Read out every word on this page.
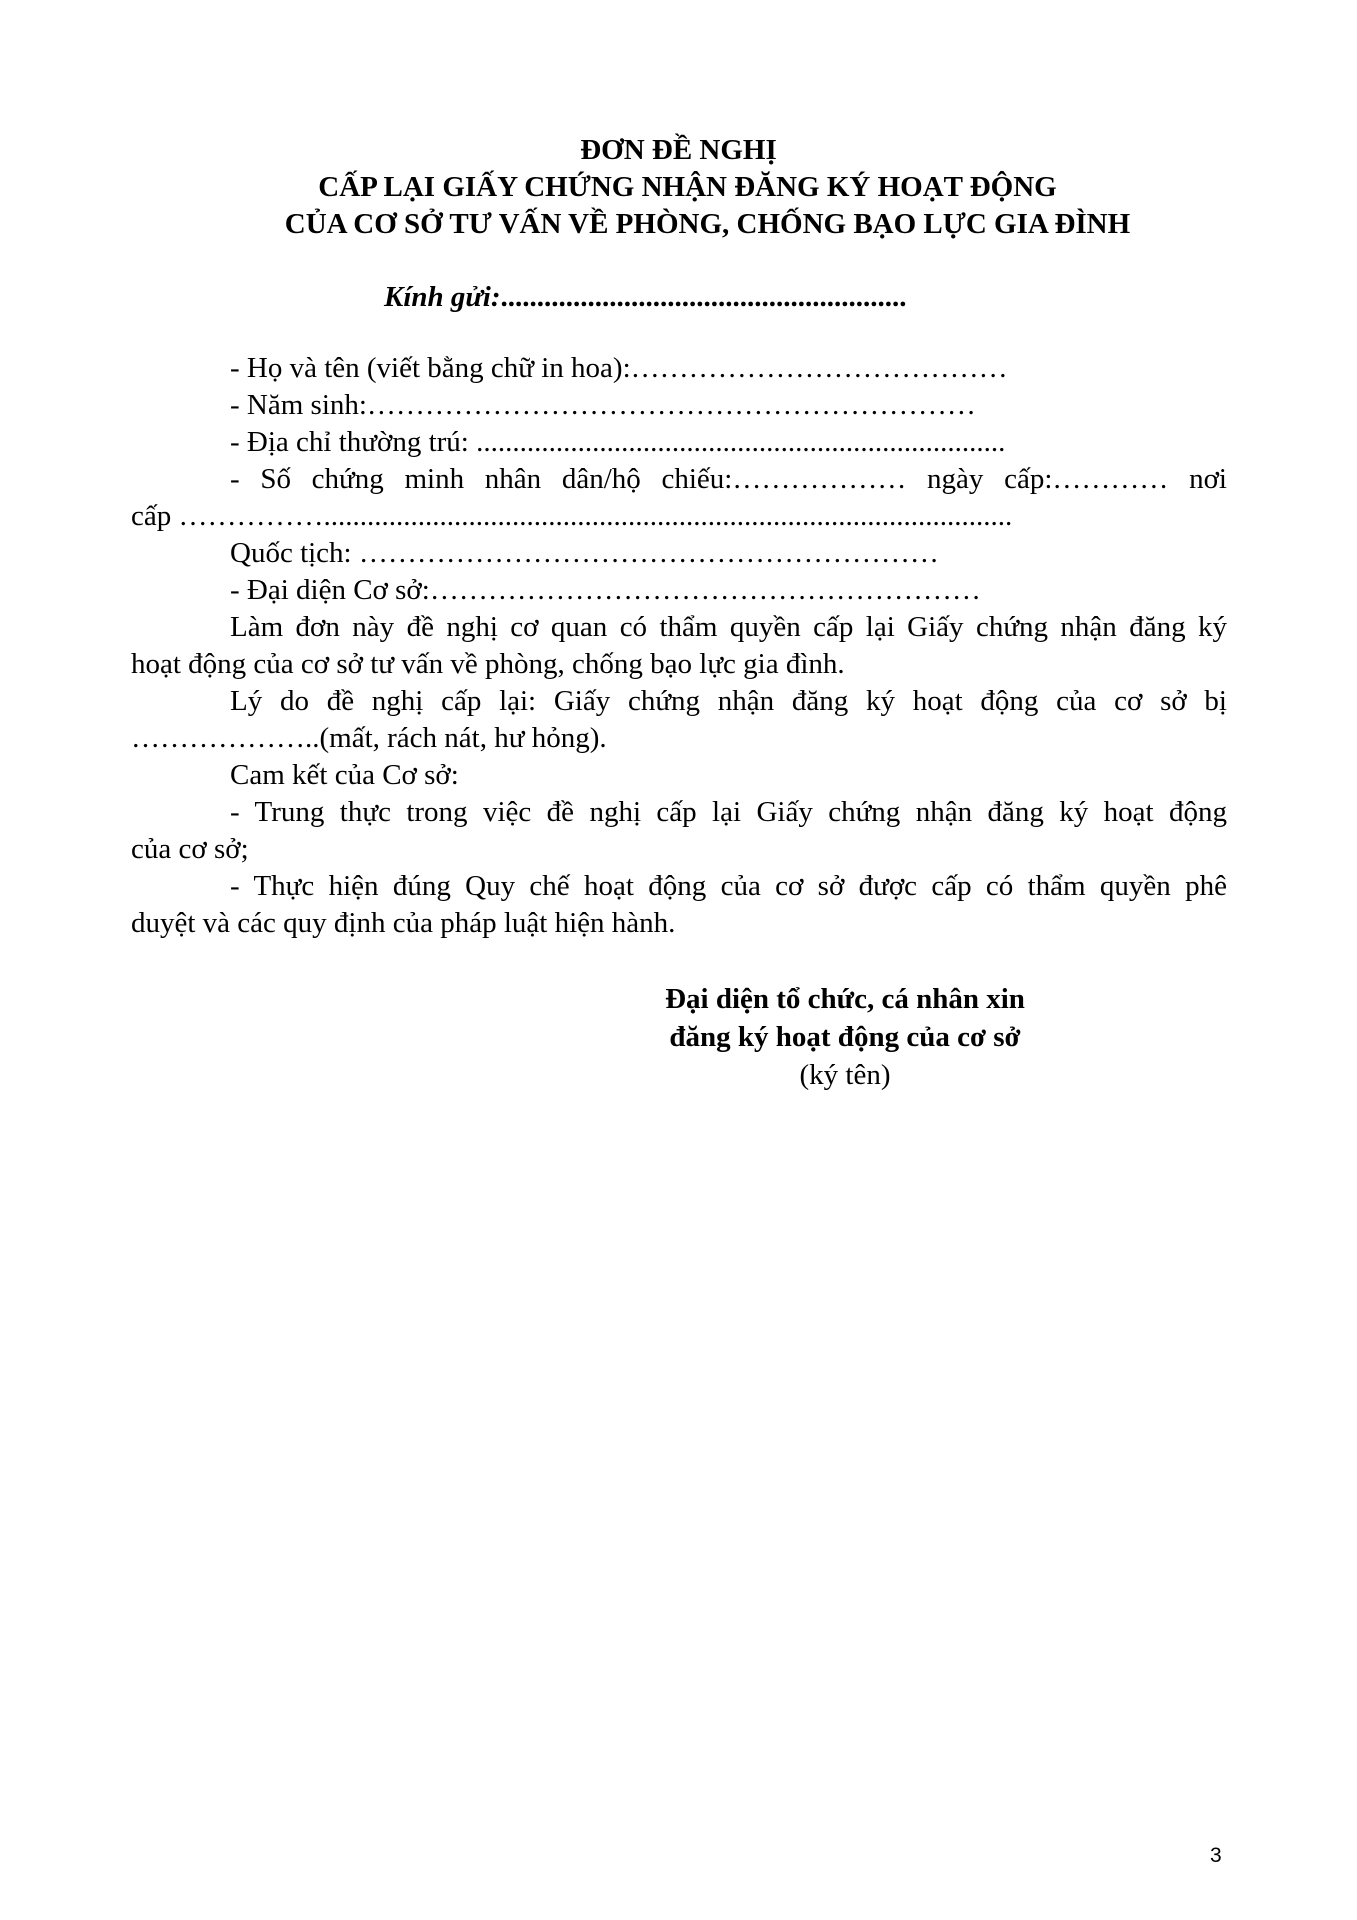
ĐƠN ĐỀ NGHỊ
CẤP LẠI GIẤY CHỨNG NHẬN ĐĂNG KÝ HOẠT ĐỘNG
CỦA CƠ SỞ TƯ VẤN VỀ PHÒNG, CHỐNG BẠO LỰC GIA ĐÌNH
Kính gửi:........................................................
- Họ và tên (viết bằng chữ in hoa):…………………………………
- Năm sinh:………………………………………………………
- Địa chỉ thường trú: .........................................................................
- Số chứng minh nhân dân/hộ chiếu:……………… ngày cấp:………… nơi
cấp ……………...............................................................................................
Quốc tịch: ……………………………………………………
- Đại diện Cơ sở:…………………………………………………
Làm đơn này đề nghị cơ quan có thẩm quyền cấp lại Giấy chứng nhận đăng ký
hoạt động của cơ sở tư vấn về phòng, chống bạo lực gia đình.
Lý do đề nghị cấp lại: Giấy chứng nhận đăng ký hoạt động của cơ sở bị
………………..(mất, rách nát, hư hỏng).
Cam kết của Cơ sở:
- Trung thực trong việc đề nghị cấp lại Giấy chứng nhận đăng ký hoạt động
của cơ sở;
- Thực hiện đúng Quy chế hoạt động của cơ sở được cấp có thẩm quyền phê
duyệt và các quy định của pháp luật hiện hành.
Đại diện tổ chức, cá nhân xin
đăng ký hoạt động của cơ sở
(ký tên)
3
